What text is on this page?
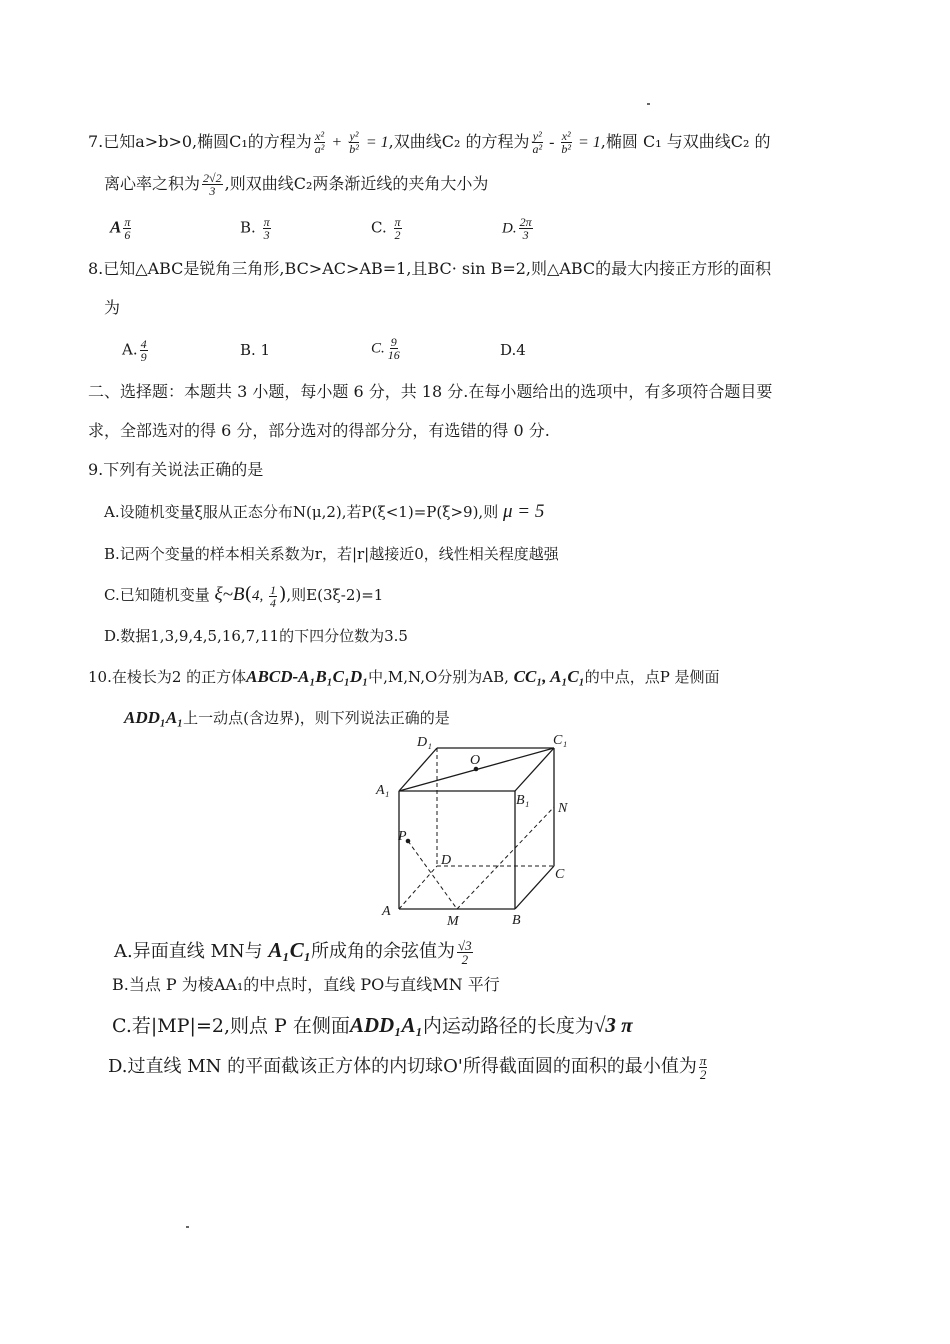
7.已知a>b>0,椭圆C₁的方程为 $\frac{\text{x²}}{\text{a²}} + \frac{\text{y²}}{\text{b²}} = 1$,双曲线C₂ 的方程为 $\frac{\text{y²}}{\text{a²}} - \frac{\text{x²}}{\text{b²}} = 1$,椭圆 C₁ 与双曲线C₂ 的
离心率之积为 $\frac{2√2}{3}$ ,则双曲线C₂两条渐近线的夹角大小为
A $\frac{\pi}{6}$	B. $\frac{\pi}{3}$	C. $\frac{\pi}{2}$	D. $\frac{2\pi}{3}$
8.已知△ABC是锐角三角形,BC>AC>AB=1,且BC· sin B=2,则△ABC的最大内接正方形的面积
为
A. $\frac{4}{9}$	B. 1	C. $\frac{9}{16}$	D.4
二、选择题：本题共 3 小题，每小题 6 分，共 18 分.在每小题给出的选项中，有多项符合题目要
求，全部选对的得 6 分，部分选对的得部分分，有选错的得 0 分.
9.下列有关说法正确的是
A.设随机变量ξ服从正态分布N(μ,2),若P(ξ<1)=P(ξ>9),则 μ = 5
B.记两个变量的样本相关系数为r，若|r|越接近0，线性相关程度越强
C.已知随机变量 ξ~B(4, $\frac{1}{4}$ ),则E(3ξ-2)=1
D.数据1,3,9,4,5,16,7,11的下四分位数为3.5
10.在棱长为2 的正方体ABCD-A₁B₁C₁D₁中,M,N,O分别为AB, CC₁, A₁C₁的中点，点P 是侧面
ADD₁A₁上一动点(含边界)，则下列说法正确的是
D₁	C₁
O
A₁
B₁
N
P
D
C
A
M	B
A.异面直线 MN与 A₁C₁所成角的余弦值为 $\frac{√3}{2}$
B.当点 P 为棱AA₁的中点时，直线 PO与直线MN 平行
C.若|MP|=2,则点 P 在侧面ADD₁A₁内运动路径的长度为√3 π
D.过直线 MN 的平面截该正方体的内切球O'所得截面圆的面积的最小值为 $\frac{\pi}{2}$
